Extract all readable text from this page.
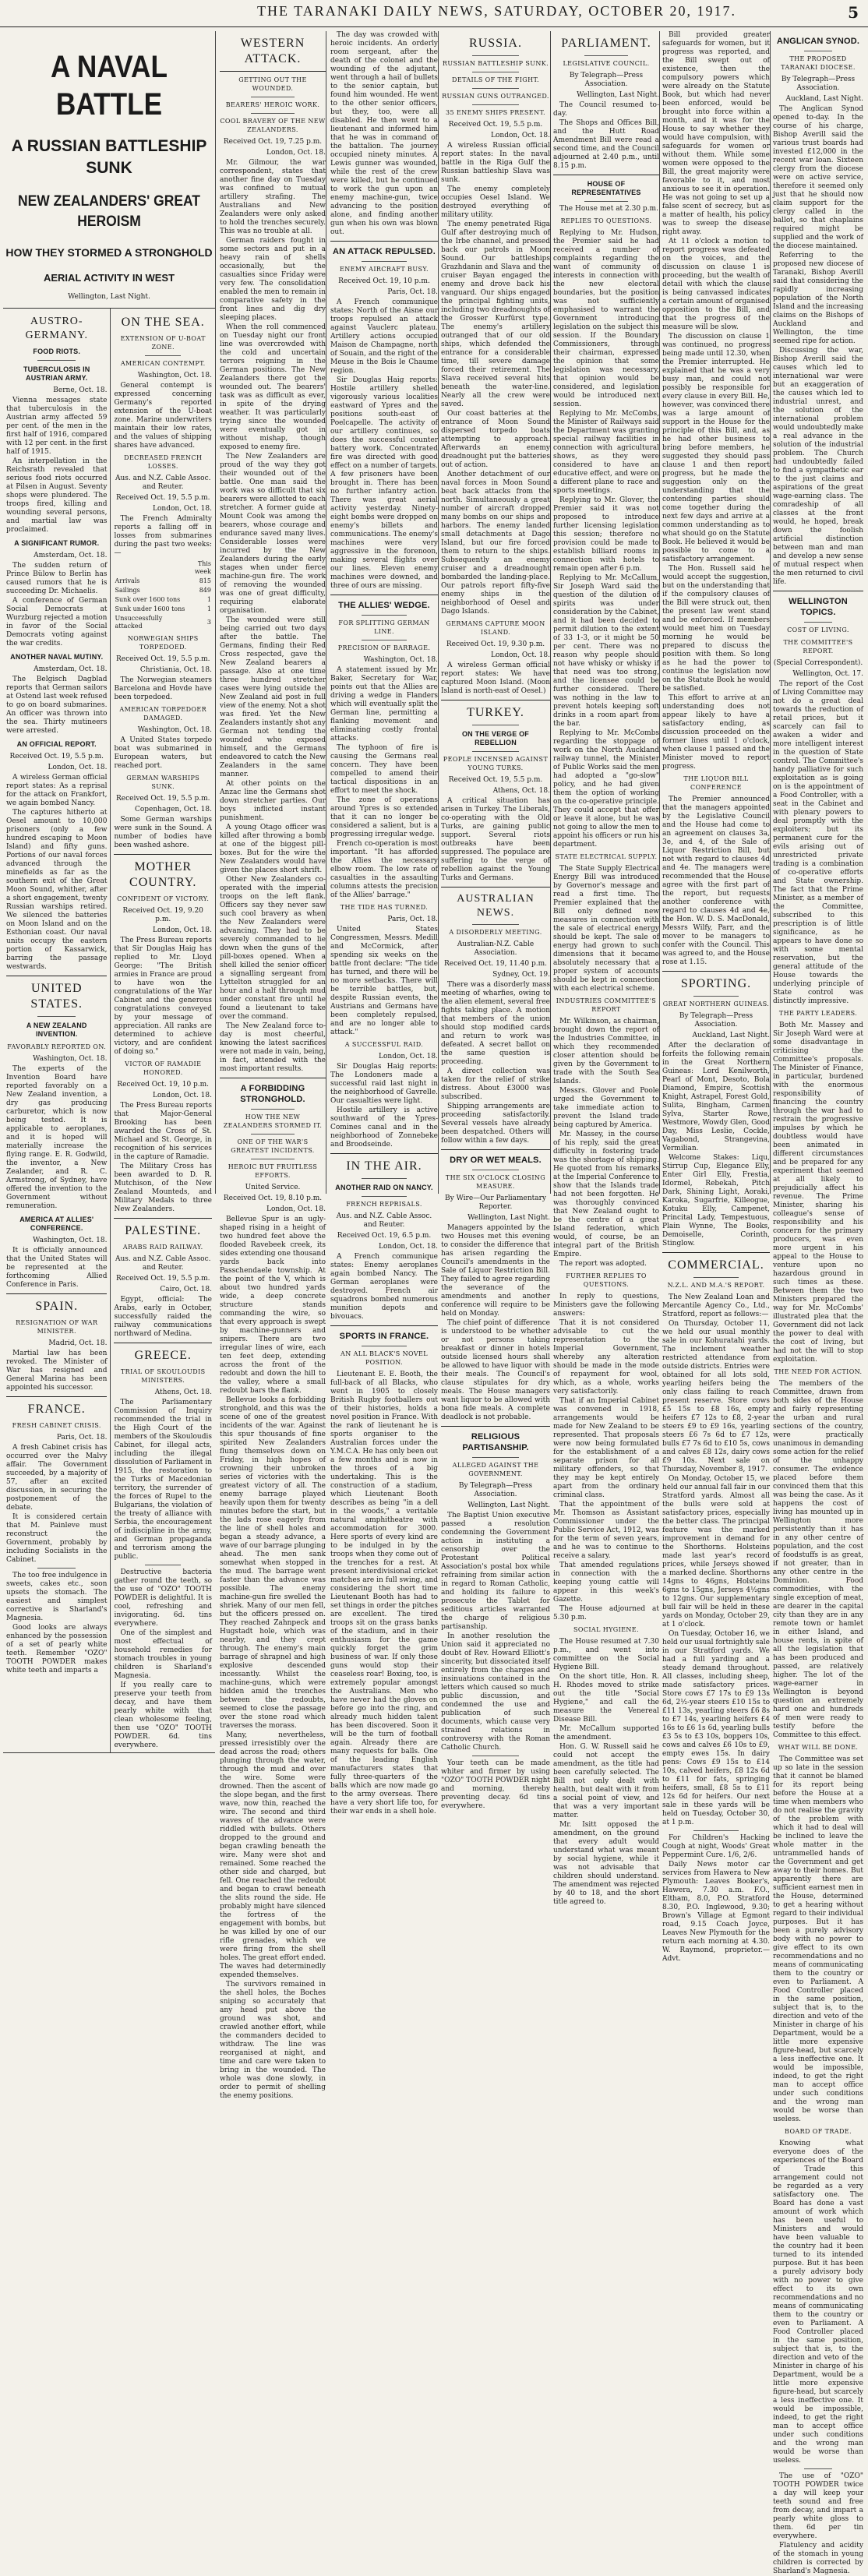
THE TARANAKI DAILY NEWS, SATURDAY, OCTOBER 20, 1917.	5
A NAVAL BATTLE
A RUSSIAN BATTLESHIP SUNK
NEW ZEALANDERS' GREAT HEROISM
HOW THEY STORMED A STRONGHOLD
AERIAL ACTIVITY IN WEST
Wellington, Last Night.
AUSTRO-GERMANY.
FOOD RIOTS.
TUBERCULOSIS IN AUSTRIAN ARMY.

Berne, Oct. 18.

Vienna messages state that tuberculosis in the Austrian army affected 59 per cent. of the men in the first half of 1916, compared with 12 per cent. in the first half of 1915.

An interpellation in the Reichsrath revealed that serious food riots occurred at Pilsen in August. Seventy shops were plundered. The troops fired, killing and wounding several persons, and martial law was proclaimed.

A SIGNIFICANT RUMOR.

Amsterdam, Oct. 18.

The sudden return of Prince Bülow to Berlin has caused rumors that he is succeeding Dr. Michaelis.

A conference of German Social Democrats at Wurzburg rejected a motion in favor of the Social Democrats voting against the war credits.

ANOTHER NAVAL MUTINY.

Amsterdam, Oct. 18.

The Belgisch Dagblad reports that German sailors at Ostend last week refused to go on board submarines. An officer was thrown into the sea. Thirty mutineers were arrested.

AN OFFICIAL REPORT.

Received Oct. 19, 5.5 p.m.

London, Oct. 18.

A wireless German official report states: As a reprisal for the attack on Frankfort, we again bombed Nancy.

The captures hitherto at Oesel amount to 10,000 prisoners (only a few hundred escaping to Moon Island) and fifty guns. Portions of our naval forces advanced through the minefields as far as the southern exit of the Great Moon Sound, whither, after a short engagement, twenty Russian warships retired. We silenced the batteries on Moon Island and on the Esthonian coast. Our naval units occupy the eastern portion of Kassarwick, barring the passage westwards.

UNITED STATES.
A NEW ZEALAND INVENTION.
FAVORABLY REPORTED ON.

Washington, Oct. 18.

The experts of the Invention Board have reported favorably on a New Zealand invention, a dry gas producing carburetor, which is now being tested. It is applicable to aeroplanes, and it is hoped will materially increase the flying range. E. R. Godwild, the inventor, a New Zealander, and R. C. Armstrong, of Sydney, have offered the invention to the Government without remuneration.

AMERICA AT ALLIES' CONFERENCE.

Washington, Oct. 18.

It is officially announced that the United States will be represented at the forthcoming Allied Conference in Paris.

SPAIN.
RESIGNATION OF WAR MINISTER.

Madrid, Oct. 18.

Martial law has been revoked. The Minister of War has resigned and General Marina has been appointed his successor.

FRANCE.
FRESH CABINET CRISIS.

Paris, Oct. 18.

A fresh Cabinet crisis has occurred over the Malvy affair. The Government succeeded, by a majority of 57, after an excited discussion, in securing the postponement of the debate.

It is considered certain that M. Painleve must reconstruct the Government, probably by including Socialists in the Cabinet.

The too free indulgence in sweets, cakes etc., soon upsets the stomach. The easiest and simplest corrective is Sharland's Magnesia.

Good looks are always enhanced by the possession of a set of pearly white teeth. Remember "OZO" TOOTH POWDER makes white teeth and imparts a

ON THE SEA.
EXTENSION OF U-BOAT ZONE.
AMERICAN CONTEMPT.

Washington, Oct. 18.

General contempt is expressed concerning Germany's reported extension of the U-boat zone. Marine underwriters maintain their low rates, and the values of shipping shares have advanced.

DECREASED FRENCH LOSSES.

Aus. and N.Z. Cable Assoc. and Reuter.

Received Oct. 19, 5.5 p.m.

London, Oct. 18.

The French Admiralty reports a falling off in losses from submarines during the past two weeks:—

	This week
Arrivals	815
Sailings	849
Sunk over 1600 tons	1
Sunk under 1600 tons	1
Unsuccessfully attacked	3
NORWEGIAN SHIPS TORPEDOED.

Received Oct. 19, 5.5 p.m.

Christiania, Oct. 18.

The Norwegian steamers Barcelona and Hovde have been torpedoed.

AMERICAN TORPEDOER DAMAGED.

Washington, Oct. 18.

A United States torpedo boat was submarined in European waters, but reached port.

GERMAN WARSHIPS SUNK.

Received Oct. 19, 5.5 p.m.

Copenhagen, Oct. 18.

Some German warships were sunk in the Sound. A number of bodies have been washed ashore.

MOTHER COUNTRY.
CONFIDENT OF VICTORY.

Received Oct. 19, 9.20 p.m.

London, Oct. 18.

The Press Bureau reports that Sir Douglas Haig has replied to Mr. Lloyd George: "The British armies in France are proud to have won the congratulations of the War Cabinet and the generous congratulations conveyed by your message of appreciation. All ranks are determined to achieve victory, and are confident of doing so."

VICTOR OF RAMADIE HONORED.

Received Oct. 19, 10 p.m.

London, Oct. 18.

The Press Bureau reports that Major-General Brooking has been awarded the Cross of St. Michael and St. George, in recognition of his services in the capture of Ramadie.

The Military Cross has been awarded to D. R. Mutchison, of the New Zealand Mounteds, and Military Medals to three New Zealanders.

PALESTINE.
ARABS RAID RAILWAY.

Aus. and N.Z. Cable Assoc. and Reuter.

Received Oct. 19, 5.5 p.m.

Cairo, Oct. 18.

Egypt, official: The Arabs, early in October, successfully raided the railway communications northward of Medina.

GREECE.
TRIAL OF SKOULOUDIS MINISTERS.

Athens, Oct. 18.

The Parliamentary Commission of Inquiry recommended the trial in the High Court of the members of the Skouloudis Cabinet, for illegal acts, including the illegal dissolution of Parliament in 1915, the restoration to the Turks of Macedonian territory, the surrender of the forces of Rupel to the Bulgarians, the violation of the treaty of alliance with Serbia, the encouragement of indiscipline in the army, and German propaganda and terrorism among the public.

Destructive bacteria gather round the teeth, so the use of "OZO" TOOTH POWDER is delightful. It is cool, refreshing and invigorating. 6d. tins everywhere.

One of the simplest and most effectual of household remedies for stomach troubles in young children is Sharland's Magnesia.

If you really care to preserve your teeth from decay, and have them pearly white with that clean wholesome feeling, then use "OZO" TOOTH POWDER. 6d. tins everywhere.

WESTERN ATTACK.
GETTING OUT THE WOUNDED.
BEARERS' HEROIC WORK.
COOL BRAVERY OF THE NEW ZEALANDERS.

Received Oct. 19, 7.25 p.m.

London, Oct. 18.

Mr. Gilmour, the war correspondent, states that another fine day on Tuesday was confined to mutual artillery strafing. The Australians and New Zealanders were only asked to hold the trenches securely. This was no trouble at all.

German raiders fought in some sectors and put in a heavy rain of shells occasionally, but the casualties since Friday were very few. The consolidation enabled the men to remain in comparative safety in the front lines and dig dry sleeping places.

When the roll commenced on Tuesday night our front line was overcrowded with the cold and uncertain terrors reigning in the German positions. The New Zealanders there got the wounded out. The bearers' task was as difficult as ever, in spite of the drying weather. It was particularly trying since the wounded were eventually got in without mishap, though exposed to enemy fire.

The New Zealanders are proud of the way they got their wounded out of the battle. One man said the work was so difficult that six bearers were allotted to each stretcher. A former guide at Mount Cook was among the bearers, whose courage and endurance saved many lives. Considerable losses were incurred by the New Zealanders during the early stages when under fierce machine-gun fire. The work of removing the wounded was one of great difficulty, requiring elaborate organisation.

The wounded were still being carried out two days after the battle. The Germans, finding their Red Cross respected, gave the New Zealand bearers a passage. Also at one time three hundred stretcher cases were lying outside the New Zealand aid post in full view of the enemy. Not a shot was fired. Yet the New Zealanders instantly shot any German not tending the wounded who exposed himself, and the Germans endeavored to catch the New Zealanders in the same manner.

At other points on the Anzac line the Germans shot down stretcher parties. Our boys inflicted instant punishment.

A young Otago officer was killed after throwing a bomb at one of the biggest pill-boxes. But for the wire the New Zealanders would have given the places short shrift.

Other New Zealanders co-operated with the imperial troops on the left flank. Officers say they never saw such cool bravery as when the New Zealanders were advancing. They had to be severely commanded to lie down when the guns of the pill-boxes opened. When a shell killed the senior officer a signalling sergeant from Lyttelton struggled for an hour and a half through mud under constant fire until he found a lieutenant to take over the command.

The New Zealand force to-day is most cheerful, knowing the latest sacrifices were not made in vain, being, in fact, attended with the most important results.

A FORBIDDING STRONGHOLD.
HOW THE NEW ZEALANDERS STORMED IT.
ONE OF THE WAR'S GREATEST INCIDENTS.
HEROIC BUT FRUITLESS EFFORTS.

United Service.

Received Oct. 19, 8.10 p.m.

London, Oct. 18.

Bellevue Spur is an ugly-shaped rising in a height of two hundred feet above the flooded Ravebeek creek, its sides extending one thousand yards back into Passchendaele township. At the point of the V, which is about two hundred yards wide, a deep concrete structure stands commanding the wire, so that every approach is swept by machine-gunners and snipers. There are two irregular lines of wire, each ten feet deep, extending across the front of the redoubt and down the hill to the valley, where a small redoubt bars the flank.

Bellevue looks a forbidding stronghold, and this was the scene of one of the greatest incidents of the war. Against this spur thousands of fine spirited New Zealanders flung themselves down on Friday, in high hopes of crowning their unbroken series of victories with the greatest victory of all. The enemy barrage played heavily upon them for twenty minutes before the start, but the lads rose eagerly from the line of shell holes and began a steady advance, a wave of our barrage plunging ahead. The men sank somewhat when stopped in the mud. The barrage went faster than the advance was possible. The enemy machine-gun fire swelled the shriek. Many of our men fell, but the officers pressed on. They reached Zahnpeck and Hugstadt hole, which was nearby, and they crept through. The enemy's main barrage of shrapnel and high explosive descended incessantly. Whilst the machine-guns, which were hidden amid the trenches between the redoubts, seemed to close the passage over the stone road which traverses the morass.

Many, nevertheless, pressed irresistibly over the dead across the road; others plunging through the water, through the mud and over the wire. Some were drowned. Then the ascent of the slope began, and the first wave, now thin, reached the wire. The second and third waves of the advance were riddled with bullets. Others dropped to the ground and began crawling beneath the wire. Many were shot and remained. Some reached the other side and charged, but fell. One reached the redoubt and began to crawl beneath the slits round the side. He probably might have silenced the fortress of the engagement with bombs, but he was killed by one of our rifle grenades, which we were firing from the shell holes. The great effort ended. The waves had determinedly expended themselves.

The survivors remained in the shell holes, the Boches sniping so accurately that any head put above the ground was shot, and crawled another effort, while the commanders decided to withdraw. The line was reorganised at night, and time and care were taken to bring in the wounded. The whole was done slowly, in order to permit of shelling the enemy positions.

The day was crowded with heroic incidents. An orderly room sergeant, after the death of the colonel and the wounding of the adjutant, went through a hail of bullets to the senior captain, but found him wounded. He went to the other senior officers, but they, too, were all disabled. He then went to a lieutenant and informed him that he was in command of the battalion. The journey occupied ninety minutes. A Lewis gunner was wounded, while the rest of the crew were killed, but he continued to work the gun upon an enemy machine-gun, twice advancing to the position alone, and finding another gun when his own was blown out.

AN ATTACK REPULSED.
ENEMY AIRCRAFT BUSY.

Received Oct. 19, 10 p.m.

Paris, Oct. 18.

A French communique states: North of the Aisne our troops repulsed an attack against Vauclerc plateau. Artillery actions occupied Maison de Champagne, north of Souain, and the right of the Meuse in the Bois le Chaume region.

Sir Douglas Haig reports: Hostile artillery shelled vigorously various localities eastward of Ypres and the positions south-east of Poelcapelle. The activity of our artillery continues, so does the successful counter battery work. Concentrated fire was directed with good effect on a number of targets. A few prisoners have been brought in. There has been no further infantry action. There was great aerial activity yesterday. Ninety-eight bombs were dropped on enemy's billets and communications. The enemy's machines were very aggressive in the forenoon, making several flights over our lines. Eleven enemy machines were downed, and three of ours are missing.

THE ALLIES' WEDGE.
FOR SPLITTING GERMAN LINE.
PRECISION OF BARRAGE.

Washington, Oct. 18.

A statement issued by Mr. Baker, Secretary for War, points out that the Allies are driving a wedge in Flanders which will eventually split the German line, permitting a flanking movement and eliminating costly frontal attacks.

The typhoon of fire is causing the Germans real concern. They have been compelled to amend their tactical dispositions in an effort to meet the shock.

The zone of operations around Ypres is so extended that it can no longer be considered a salient, but is a progressing irregular wedge.

French co-operation is most important. "It has afforded the Allies the necessary elbow room. The low rate of casualties in the assaulting columns attests the precision of the Allies' barrage."

THE TIDE HAS TURNED.

Paris, Oct. 18.

United States Congressmen, Messrs. Medill and McCormick, after spending six weeks on the battle front declare: "The tide has turned, and there will be no more setbacks. There will be terrible battles, but, despite Russian events, the Austrians and Germans have been completely repulsed, and are no longer able to attack."

A SUCCESSFUL RAID.

London, Oct. 18.

Sir Douglas Haig reports: The Londoners made a successful raid last night in the neighborhood of Gavrelle. Our casualties were light.

Hostile artillery is active southward of the Ypres-Comines canal and in the neighborhood of Zonnebeke and Broodseinde.

IN THE AIR.
ANOTHER RAID ON NANCY.
FRENCH REPRISALS.

Aus. and N.Z. Cable Assoc. and Reuter.

Received Oct. 19, 6.5 p.m.

London, Oct. 18.

A French communique states: Enemy aeroplanes again bombed Nancy. The German aeroplanes were destroyed. French air squadrons bombed numerous munition depots and bivouacs.

SPORTS IN FRANCE.
AN ALL BLACK'S NOVEL POSITION.

Lieutenant E. E. Booth, the full-back of all Blacks, who went in 1905 to closely British Rugby footballers out of their histories, holds a novel position in France. With the rank of lieutenant he is sports organiser to the Australian forces under the Y.M.C.A. He has only been out a few months and is now in the throes of a big undertaking. This is the construction of a stadium, which Lieutenant Booth describes as being "in a dell in the woods," a veritable natural amphitheatre with accommodation for 3000. Here sports of every kind are to be indulged in by the troops when they come out of the trenches for a rest. At present interdivisional cricket matches are in full swing, and considering the short time Lieutenant Booth has had to set things in order the pitches are excellent. The tired troops sit on the grass banks of the stadium, and in their enthusiasm for the game quickly forget the grim business of war. If only those guns would stop their ceaseless roar! Boxing, too, is extremely popular amongst the Australians. Men who have never had the gloves on before go into the ring, and already much hidden talent has been discovered. Soon it will be the turn of football again. Already there are many requests for balls. One of the leading English manufacturers states that fully three-quarters of the balls which are now made go to the army overseas. There have a very short life too, for their war ends in a shell hole.

RUSSIA.
RUSSIAN BATTLESHIP SUNK.
DETAILS OF THE FIGHT.
RUSSIAN GUNS OUTRANGED.
35 ENEMY SHIPS PRESENT.

Received Oct. 19, 5.5 p.m.

London, Oct. 18.

A wireless Russian official report states: In the naval battle in the Riga Gulf the Russian battleship Slava was sunk.

The enemy completely occupies Oesel Island. We destroyed everything of military utility.

The enemy penetrated Riga Gulf after destroying much of the Irbe channel, and pressed back our patrols in Moon Sound. Our battleships Grazhdanin and Slava and the cruiser Bayan engaged the enemy and drove back his vanguard. Our ships engaged the principal fighting units, including two dreadnoughts of the Grosser Kurfürst type. The enemy's artillery outranged that of our old ships, which defended the entrance for a considerable time, till severe damage forced their retirement. The Slava received several hits beneath the water-line. Nearly all the crew were saved.

Our coast batteries at the entrance of Moon Sound dispersed torpedo boats attempting to approach. Afterwards an enemy dreadnought put the batteries out of action.

Another detachment of our naval forces in Moon Sound beat back attacks from the north. Simultaneously a great number of aircraft dropped many bombs on our ships and harbors. The enemy landed small detachments at Dago Island, but our fire forced them to return to the ships. Subsequently an enemy cruiser and a dreadnought bombarded the landing-place. Our patrols report fifty-five enemy ships in the neighborhood of Oesel and Dago Islands.

GERMANS CAPTURE MOON ISLAND.

Received Oct. 19, 9.30 p.m.

London, Oct. 18.

A wireless German official report states: We have captured Moon Island. (Moon Island is north-east of Oesel.)

TURKEY.
ON THE VERGE OF REBELLION
PEOPLE INCENSED AGAINST YOUNG TURKS.

Received Oct. 19, 5.5 p.m.

Athens, Oct. 18.

A critical situation has arisen in Turkey. The Liberals, co-operating with the Old Turks, are gaining public support. Several riots outbreaks have been suppressed. The populace are suffering to the verge of rebellion against the Young Turks and Germans.

AUSTRALIAN NEWS.
A DISORDERLY MEETING.

Australian-N.Z. Cable Association.

Received Oct. 19, 11.40 p.m.

Sydney, Oct. 19.

There was a disorderly mass meeting of wharfies, owing to the alien element, several free fights taking place. A motion that members of the union should stop modified cards and return to work was defeated. A secret ballot on the same question is proceeding.

A direct collection was taken for the relief of strike distress. About £3000 was subscribed.

Shipping arrangements are proceeding satisfactorily. Several vessels have already been despatched. Others will follow within a few days.

DRY OR WET MEALS.
THE SIX O'CLOCK CLOSING MEASURE.

By Wire—Our Parliamentary Reporter.

Wellington, Last Night.

Managers appointed by the two Houses met this evening to consider the difference that has arisen regarding the Council's amendments in the Sale of Liquor Restriction Bill. They failed to agree regarding the severance of the amendments and another conference will require to be held on Monday.

The chief point of difference is understood to be whether or not persons taking breakfast or dinner in hotels outside licensed hours shall be allowed to have liquor with their meals. The Council's clause stipulates for dry meals. The House managers want liquor to be allowed with bona fide meals. A complete deadlock is not probable.

RELIGIOUS PARTISANSHIP.
ALLEGED AGAINST THE GOVERNMENT.

By Telegraph—Press Association.

Wellington, Last Night.

The Baptist Union executive passed a resolution condemning the Government action in instituting a censorship over the Protestant Political Association's postal box while refraining from similar action in regard to Roman Catholic, and holding its failure to prosecute the Tablet for seditious articles warranted the charge of religious partisanship.

In another resolution the Union said it appreciated no doubt of Rev. Howard Elliott's sincerity, but dissociated itself entirely from the charges and insinuations contained in the letters which caused so much public discussion, and condemned the use and publication of such documents, which cause very strained relations in controversy with the Roman Catholic Church.

Your teeth can be made whiter and firmer by using "OZO" TOOTH POWDER night and morning, thereby preventing decay. 6d tins everywhere.

PARLIAMENT.
LEGISLATIVE COUNCIL.

By Telegraph—Press Association.

Wellington, Last Night.

The Council resumed to-day.

The Shops and Offices Bill, and the Hutt Road Amendment Bill were read a second time, and the Council adjourned at 2.40 p.m., until 8.15 p.m.

HOUSE OF REPRESENTATIVES

The House met at 2.30 p.m.

REPLIES TO QUESTIONS.

Replying to Mr. Hudson, the Premier said he had received a number of complaints regarding the want of community of interests in connection with the new electoral boundaries, but the position was not sufficiently emphasised to warrant the Government introducing legislation on the subject this session. If the Boundary Commissioners, through their chairman, expressed the opinion that some legislation was necessary, that opinion would be considered, and legislation would be introduced next session.

Replying to Mr. McCombs, the Minister of Railways said the Department was granting special railway facilities in connection with agricultural shows, as they were considered to have an educative effect, and were on a different plane to race and sports meetings.

Replying to Mr. Glover, the Premier said it was not proposed to introduce further licensing legislation this session; therefore no provision could be made to establish billiard rooms in connection with hotels to remain open after 6 p.m.

Replying to Mr. McCallum, Sir Joseph Ward said the question of the dilution of spirits was under consideration by the Cabinet, and it had been decided to permit dilution to the extent of 33 1-3, or it might be 50 per cent. There was no reason why people should not have whisky or whisky if that need was too strong, and the licensee could be further considered. There was nothing in the law to prevent hotels keeping soft drinks in a room apart from the bar.

Replying to Mr. McCombs regarding the stoppage of work on the North Auckland railway tunnel, the Minister of Public Works said the men had adopted a "go-slow" policy, and he had given them the option of working on the co-operative principle. They could accept that offer or leave it alone, but he was not going to allow the men to appoint his officers or run his department.

STATE ELECTRICAL SUPPLY.

The State Supply Electrical Energy Bill was introduced by Governor's message and read a first time. The Premier explained that the Bill only defined new measures in connection with the sale of electrical energy should be kept. The sale of energy had grown to such dimensions that it became absolutely necessary that a proper system of accounts should be kept in connection with each electrical scheme.

INDUSTRIES COMMITTEE'S REPORT

Mr. Wilkinson, as chairman, brought down the report of the Industries Committee, in which they recommended closer attention should be given by the Government to trade with the South Sea Islands.

Messrs. Glover and Poole urged the Government to take immediate action to prevent the Island trade being captured by America.

Mr. Massey, in the course of his reply, said the great difficulty in fostering trade was the shortage of shipping. He quoted from his remarks at the Imperial Conference to show that the Islands trade had not been forgotten. He was thoroughly convinced that New Zealand ought to be the centre of a great Island federation, which would, of course, be an integral part of the British Empire.

The report was adopted.

FURTHER REPLIES TO QUESTIONS.

In reply to questions, Ministers gave the following answers:

That it is not considered advisable to cut the representation to the Imperial Government, whereby any alteration should be made in the mode of repayment for wool, which, as a whole, works very satisfactorily.

That if an Imperial Cabinet was convened in 1918, arrangements would be made for New Zealand to be represented. That proposals were now being formulated for the establishment of a separate prison for all military offenders, so that they may be kept entirely apart from the ordinary criminal class.

That the appointment of Mr. Thomson as Assistant Commissioner under the Public Service Act, 1912, was for the term of seven years, and he was to continue to receive a salary.

That amended regulations in connection with the keeping young cattle will appear in this week's Gazette.

The House adjourned at 5.30 p.m.

SOCIAL HYGIENE.

The House resumed at 7.30 p.m., and went into committee on the Social Hygiene Bill.

On the short title, Hon. R. H. Rhodes moved to strike out the title "Social Hygiene," and call the measure the Venereal Disease Bill.

Mr. McCallum supported the amendment.

Hon. G. W. Russell said he could not accept the amendment, as the title had been carefully selected. The Bill not only dealt with health, but dealt with it from a social point of view, and that was a very important matter.

Mr. Isitt opposed the amendment, on the ground that every adult would understand what was meant by social hygiene, while it was not advisable that children should understand. The amendment was rejected by 40 to 18, and the short title agreed to.

Bill provided greater safeguards for women, but it progress was reported, and the Bill swept out of existence, then the compulsory powers which were already on the Statute Book, but which had never been enforced, would be brought into force within a month, and it was for the House to say whether they would have compulsion, with safeguards for women or without them. While some women were opposed to the Bill, the great majority were favorable to it, and most anxious to see it in operation. He was not going to set up a false scent of secrecy, but as a matter of health, his policy was to sweep the disease right away.

At 11 o'clock a motion to report progress was defeated on the voices, and the discussion on clause 1 is proceeding, but the wealth of detail with which the clause is being canvassed indicates a certain amount of organised opposition to the Bill, and that the progress of the measure will be slow.

The discussion on clause 1 was continued, no progress being made until 12.30, when the Premier interrupted. He explained that he was a very busy man, and could not possibly be responsible for every clause in every Bill. He, however, was convinced there was a large amount of support in the House for the principle of this Bill, and, as he had other business to bring before members, he suggested they should pass clause 1 and then report progress, but he made the suggestion only on the understanding that the contending parties should come together during the next few days and arrive at a common understanding as to what should go on the Statute Book. He believed it would be possible to come to a satisfactory arrangement.

The Hon. Russell said he would accept the suggestion, but on the understanding that if the compulsory clauses of the Bill were struck out, then the present law went stand and be enforced. If members would meet him on Tuesday morning he would be prepared to discuss the position with them. So long as he had the power to continue the legislation now on the Statute Book he would be satisfied.

This effort to arrive at an understanding does not appear likely to have a satisfactory ending, as discussion proceeded on the former lines until 1 o'clock, when clause 1 passed and the Minister moved to report progress.

THE LIQUOR BILL CONFERENCE

The Premier announced that the managers appointed by the Legislative Council and the House had come to an agreement on clauses 3a, 3e, and 4, of the Sale of Liquor Restriction Bill, but not with regard to clauses 4d and 4e. The managers were recommended that the House agree with the first part of the report, but requests another conference with regard to clauses 4d and 4e, the Hon. W. D. S. MacDonald, Messrs Wilfy, Parr, and the mover to be managers to confer with the Council. This was agreed to, and the House rose at 1.15.

SPORTING.
GREAT NORTHERN GUINEAS.

By Telegraph—Press Association.

Auckland, Last Night.

After the declaration of forfeits the following remain in the Great Northern Guineas: Lord Kenilworth, Pearl of Mont, Desoto, Bola Diamond, Empire, Scottish Knight, Astrapel, Forest Gold, Sulita, Bingham, Carmen Sylva, Starter Rowe, Westmore, Wowdy Glen, Good Day, Miss Leslie, Cockle, Vagabond, Strangevina, Vermilian.

Welcome Stakes: Liqu, Stirrup Cup, Elegance Elly, Enter Girl Elly, Frestia, Idormel, Rebekah, Pitch Dark, Shining Light, Aoraki, Karoka, Sugarfrie, Killeogue, Kotuku Elly, Campenet, Princital Lady, Tempestuous, Plain Wynne, The Books, Demoiselle, Corinth, Stinglow.

COMMERCIAL.
N.Z.L. AND M.A.'S REPORT.

The New Zealand Loan and Mercantile Agency Co., Ltd., Stratford, report as follows:—

On Thursday, October 11, we held our usual monthly sale in our Kohuratahi yards. The inclement weather restricted attendance from outside districts. Entries were obtained for all lots sold, yearling heifers being the only class failing to reach present reserve. Store cows £5 15s to £8 16s, empty heifers £7 12s to £8, 2-year steers £9 to £9 16s, yearling steers £6 7s 6d to £7 12s, bulls £7 7s 6d to £10 5s, cows and calves £8 12s, dairy cows £9 10s. Next sale on Thursday, November 8, 1917.

On Monday, October 15, we held our annual fall fair in our Stratford yards. Almost all the bulls were sold at satisfactory prices, especially the better class. The principal feature was the marked improvement in demand for the Shorthorns. Holsteins made last year's record prices, while Jerseys showed a marked decline. Shorthorns 14gns to 46gns, Holsteins 6gns to 15gns, Jerseys 4½gns to 12gns. Our supplementary bull fair will be held in these yards on Monday, October 29, at 1 o'clock.

On Tuesday, October 16, we held our usual fortnightly sale in our Stratford yards. We had a full yarding and a steady demand throughout. All classes, including sheep, made satisfactory prices. Store cows £7 17s to £9 13s 6d, 2½-year steers £10 15s to £11 13s, yearling steers £6 8s to £7 14s, yearling heifers £4 16s to £6 1s 6d, yearling bulls £3 5s to £3 10s, boppers 10s, cows and calves £6 10s to £9, empty ewes 15s. In dairy pens: Cows £9 15s to £14 10s, calved heifers, £8 12s 6d to £11 for fats, springing heifers, small, £8 5s to £11 12s 6d for heifers. Our next sale in these yards will be held on Tuesday, October 30, at 1 p.m.

For Children's Hacking Cough at night, Woods' Great Peppermint Cure. 1/6, 2/6.

Daily News motor car services from Hawera to New Plymouth: Leaves Booker's, Hawera, 7.30 a.m. F.O., Eltham, 8.0, P.O. Stratford 8.30, P.O. Inglewood, 9.30; Brown's Village at Egmont road, 9.15 Coach Joyce, Leaves New Plymouth for the return each morning at 4.30. W. Raymond, proprietor.—Advt.

ANGLICAN SYNOD.
THE PROPOSED TARANAKI DIOCESE.

By Telegraph—Press Association.

Auckland, Last Night.

The Anglican Synod opened to-day. In the course of his charge, Bishop Averill said the various trust boards had invested £12,000 in the recent war loan. Sixteen clergy from the diocese were on active service, therefore it seemed only just that he should now claim support for the clergy called in the ballot, so that chaplains required might be supplied and the work of the diocese maintained.

Referring to the proposed new diocese of Taranaki, Bishop Averill said that considering the rapidly increasing population of the North Island and the increasing claims on the Bishops of Auckland and Wellington, the time seemed ripe for action.

Discussing the war, Bishop Averill said the causes which led to international war were but an exaggeration of the causes which led to industrial unrest, and the solution of the international problem would undoubtedly make a real advance in the solution of the industrial problem. The Church had undoubtedly failed to find a sympathetic ear to the just claims and aspirations of the great wage-earning class. The comradeship of all classes at the front would, he hoped, break down the foolish artificial distinction between man and man and develop a new sense of mutual respect when the men returned to civil life.

WELLINGTON TOPICS.
COST OF LIVING.
THE COMMITTEE'S REPORT.

(Special Correspondent).

Wellington, Oct. 17.

The report of the Cost of Living Committee may not do a great deal towards the reduction of retail prices, but it scarcely can fail to awaken a wider and more intelligent interest in the question of State control. The Committee's handy palliative for such exploitation as is going on is the appointment of a Food Controller, with a seat in the Cabinet and with plenary powers to deal promptly with the exploiters; but its permanent cure for the evils arising out of unrestricted private trading is a combination of co-operative efforts and State ownership. The fact that the Prime Minister, as a member of the Committee, subscribed to this prescription is of little significance, as he appears to have done so with some mental reservation, but the general attitude of the House towards the underlying principle of State control was distinctly impressive.

THE PARTY LEADERS.

Both Mr. Massey and Sir Joseph Ward were at some disadvantage in criticising the Committee's proposals. The Minister of Finance, in particular, burdened with the enormous responsibility of financing the country through the war had to restrain the progressive impulses by which he doubtless would have been animated in different circumstances and be prepared for any experiment that seemed at all likely to prejudicially affect his revenue. The Prime Minister, sharing his colleague's sense of responsibility and his concern for the primary producers, was even more urgent in his appeal to the House to venture upon no hazardous ground in such times as these. Between them the two Ministers prepared the way for Mr. McCombs' illustrated plea that the Government did not lack the power to deal with the cost of living, but had not the will to stop exploitation.

THE NEED FOR ACTION.

The members of the Committee, drawn from both sides of the House and fairly representing the urban and rural sections of the country, were practically unanimous in demanding some action for the relief of the unhappy consumer. The evidence placed before them convinced them that this was being the case. As it happens the cost of living has mounted up in Wellington more persistently than it has in any other centre of population, and the cost of foodstuffs is as great, if not greater, than in any other centre in the Dominion. Food commodities, with the single exception of meat, are dearer in the capital city than they are in any remote town or hamlet in either Island, and house rents, in spite of all the legislation that has been produced and passed, are relatively higher. The lot of the wage-earner in Wellington is beyond question an extremely hard one and hundreds of men were ready to testify before the Committee to this effect.

WHAT WILL BE DONE.

The Committee was set up so late in the session that it cannot be blamed for its report being before the House at a time when members who do not realise the gravity of the problem with which it had to deal will be inclined to leave the whole matter in the untrammelled hands of the Government and get away to their homes. But apparently there are sufficient earnest men in the House, determined to get a hearing without regard to their individual purposes. But it has been a purely advisory body with no power to give effect to its own recommendations and no means of communicating them to the country or even to Parliament. A Food Controller placed in the same position, subject that is, to the direction and veto of the Minister in charge of his Department, would be a little more expensive figure-head, but scarcely a less ineffective one. It would be impossible, indeed, to get the right man to accept office under such conditions and the wrong man would be worse than useless.

BOARD OF TRADE.

Knowing what everyone does of the experiences of the Board of Trade this arrangement could not be regarded as a very satisfactory one. The Board has done a vast amount of work which has been useful to Ministers and would have been valuable to the country had it been turned to its intended purpose. But it has been a purely advisory body with no power to give effect to its own recommendations and no means of communicating them to the country or even to Parliament. A Food Controller placed in the same position, subject that is, to the direction and veto of the Minister in charge of his Department, would be a little more expensive figure-head, but scarcely a less ineffective one. It would be impossible, indeed, to get the right man to accept office under such conditions and the wrong man would be worse than useless.

The use of "OZO" TOOTH POWDER twice a day will keep your teeth sound and free from decay, and impart a pearly white gloss to them. 6d per tin everywhere.

Flatulency and acidity of the stomach in young children is corrected by Sharland's Magnesia.
